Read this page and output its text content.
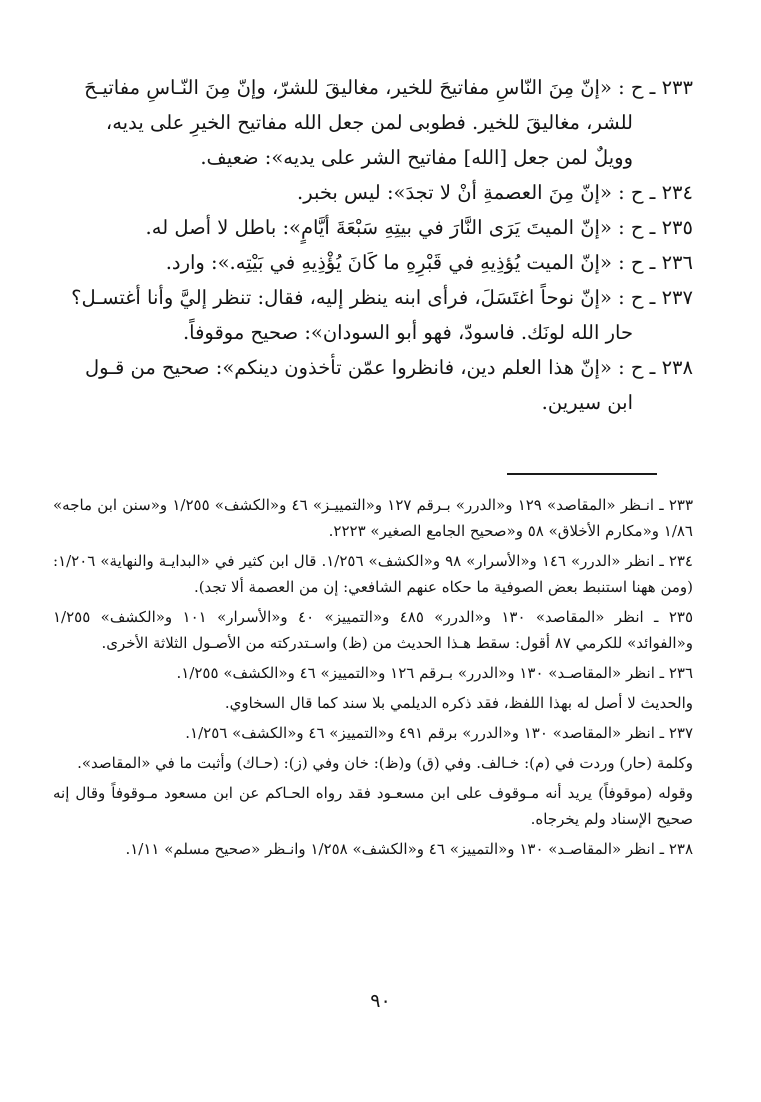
٢٣٣ ـ ح : «إنّ مِنَ النّاسِ مفاتيحَ للخير، مغاليقَ للشرّ، وإنّ مِنَ النّـاسِ مفاتيـحَ
للشر، مغاليقَ للخير. فطوبى لمن جعل الله مفاتيح الخيرِ على يديه،
وويلٌ لمن جعل [الله] مفاتيح الشر على يديه»: ضعيف.

٢٣٤ ـ ح : «إنّ مِنَ العصمةِ أنْ لا تجدَ»: ليس بخبر.

٢٣٥ ـ ح : «إنّ الميتَ يَرَى النَّارَ في بيتِهِ سَبْعَةَ أيَّامٍ»: باطل لا أصل له.

٢٣٦ ـ ح : «إنّ الميت يُؤذِيهِ في قَبْرِهِ ما كَانَ يُؤْذِيهِ في بَيْتِه.»: وارد.

٢٣٧ ـ ح : «إنّ نوحاً اغتَسَلَ، فرأى ابنه ينظر إليه، فقال: تنظر إليَّ وأنا أغتسـل؟
حار الله لونَك. فاسودّ، فهو أبو السودان»: صحيح موقوفاً.

٢٣٨ ـ ح : «إنّ هذا العلم دين، فانظروا عمّن تأخذون دينكم»: صحيح من قـول
ابن سيرين.

٢٣٣ ـ انـظر «المقاصد» ١٢٩ و«الدرر» بـرقم ١٢٧ و«التمييـز» ٤٦ و«الكشف» ١/٢٥٥ و«سنن ابن ماجه» ١/٨٦ و«مكارم الأخلاق» ٥٨ و«صحيح الجامع الصغير» ٢٢٢٣.

٢٣٤ ـ انظر «الدرر» ١٤٦ و«الأسرار» ٩٨ و«الكشف» ١/٢٥٦. قال ابن كثير في «البدايـة والنهاية» ١/٢٠٦: (ومن ههنا استنبط بعض الصوفية ما حكاه عنهم الشافعي: إن من العصمة ألا تجد).

٢٣٥ ـ انظر «المقاصد» ١٣٠ و«الدرر» ٤٨٥ و«التمييز» ٤٠ و«الأسرار» ١٠١ و«الكشف» ١/٢٥٥ و«الفوائد» للكرمي ٨٧ أقول: سقط هـذا الحديث من (ظ) واسـتدركته من الأصـول الثلاثة الأخرى.

٢٣٦ ـ انظر «المقاصـد» ١٣٠ و«الدرر» بـرقم ١٢٦ و«التمييز» ٤٦ و«الكشف» ١/٢٥٥.

والحديث لا أصل له بهذا اللفظ، فقد ذكره الديلمي بلا سند كما قال السخاوي.

٢٣٧ ـ انظر «المقاصد» ١٣٠ و«الدرر» برقم ٤٩١ و«التمييز» ٤٦ و«الكشف» ١/٢٥٦.

وكلمة (حار) وردت في (م): خـالف. وفي (ق) و(ظ): خان وفي (ز): (حـاك) وأثبت ما في «المقاصد».

وقوله (موقوفاً) يريد أنه مـوقوف على ابن مسعـود فقد رواه الحـاكم عن ابن مسعود مـوقوفاً وقال إنه صحيح الإسناد ولم يخرجاه.

٢٣٨ ـ انظر «المقاصـد» ١٣٠ و«التمييز» ٤٦ و«الكشف» ١/٢٥٨ وانـظر «صحيح مسلم» ١/١١.

٩٠
